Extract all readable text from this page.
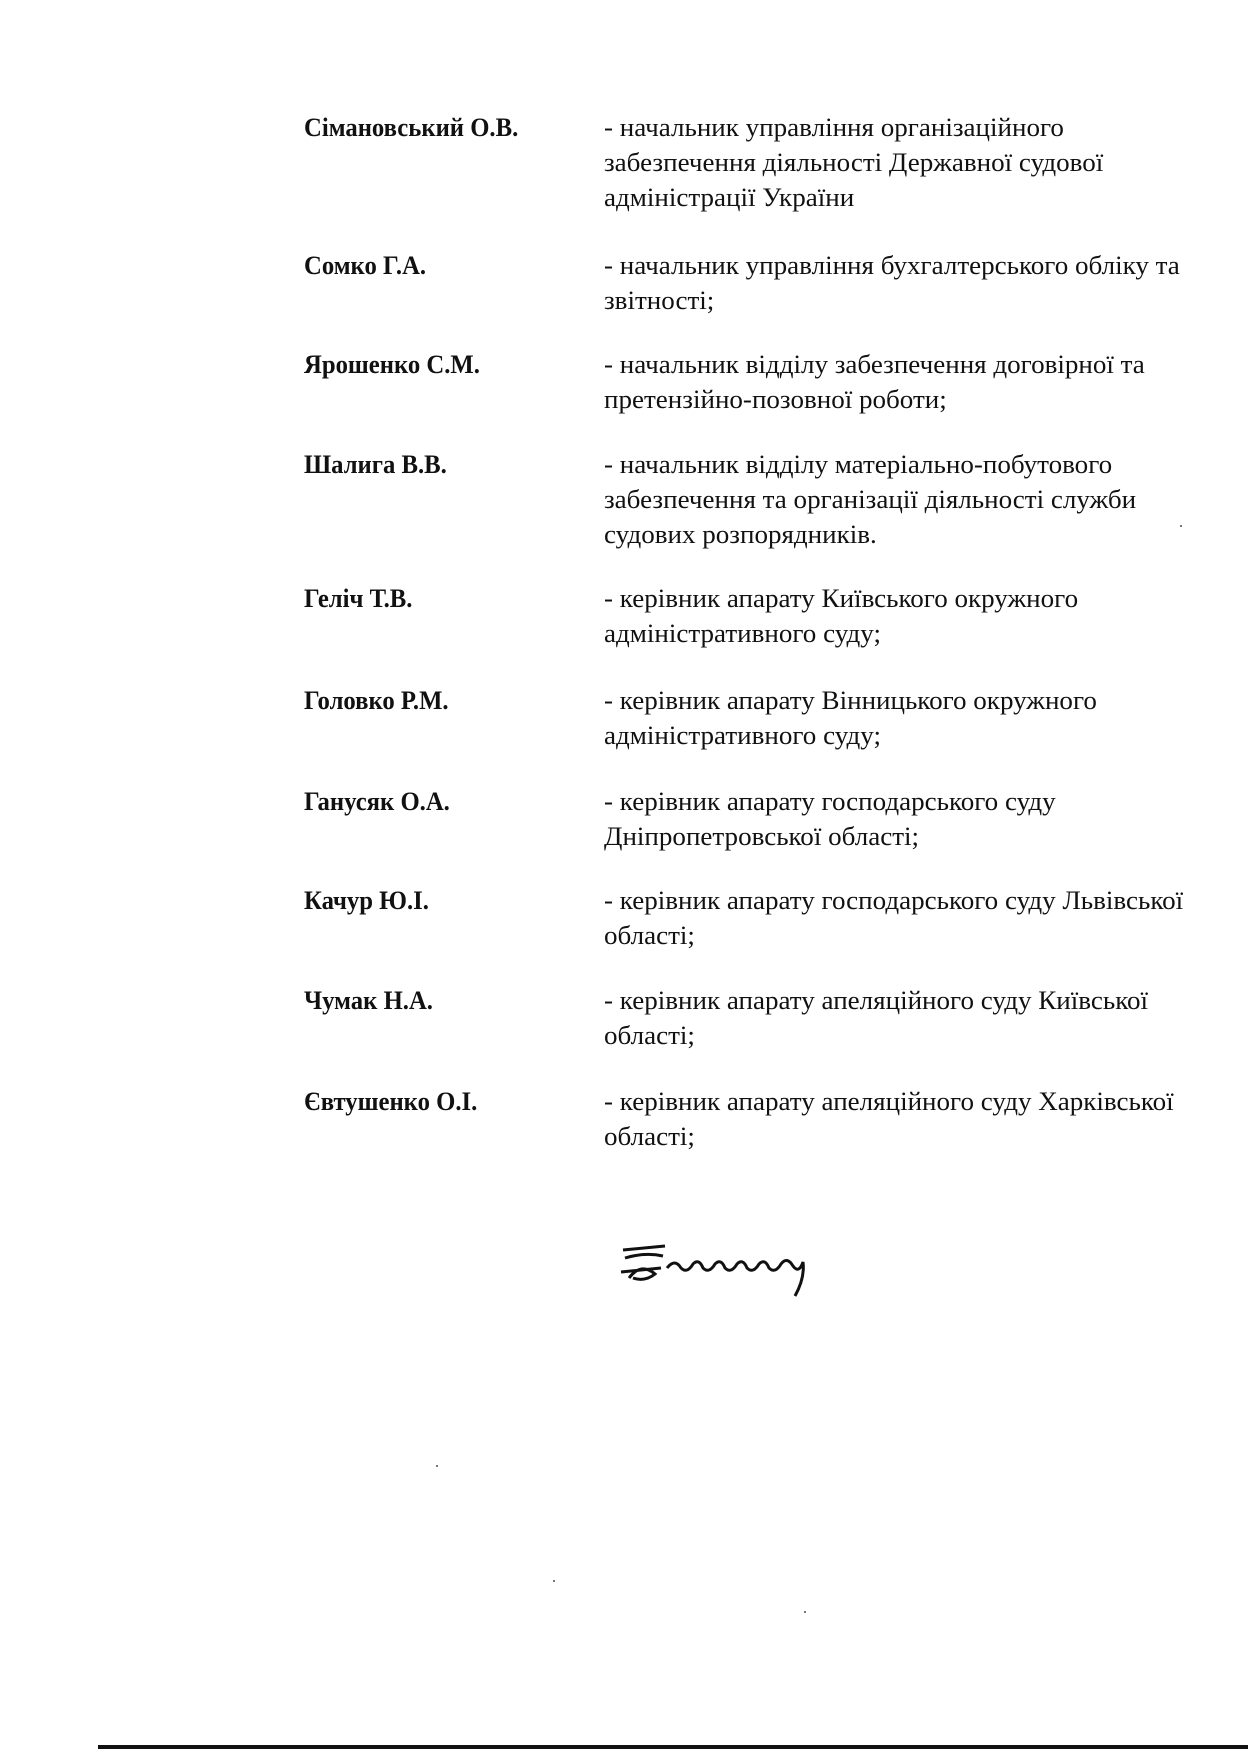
Сімановський О.В.	- начальник управління організаційного
забезпечення діяльності Державної судової
адміністрації України
Сомко Г.А.	- начальник управління бухгалтерського обліку та
звітності;
Ярошенко С.М.	- начальник відділу забезпечення договірної та
претензійно-позовної роботи;
Шалига В.В.	- начальник відділу матеріально-побутового
забезпечення та організації діяльності служби
судових розпорядників.
Геліч Т.В.	- керівник апарату Київського окружного
адміністративного суду;
Головко Р.М.	- керівник апарату Вінницького окружного
адміністративного суду;
Ганусяк О.А.	- керівник апарату господарського суду
Дніпропетровської області;
Качур Ю.І.	- керівник апарату господарського суду Львівської
області;
Чумак Н.А.	- керівник апарату апеляційного суду Київської
області;
Євтушенко О.І.	- керівник апарату апеляційного суду Харківської
області;
